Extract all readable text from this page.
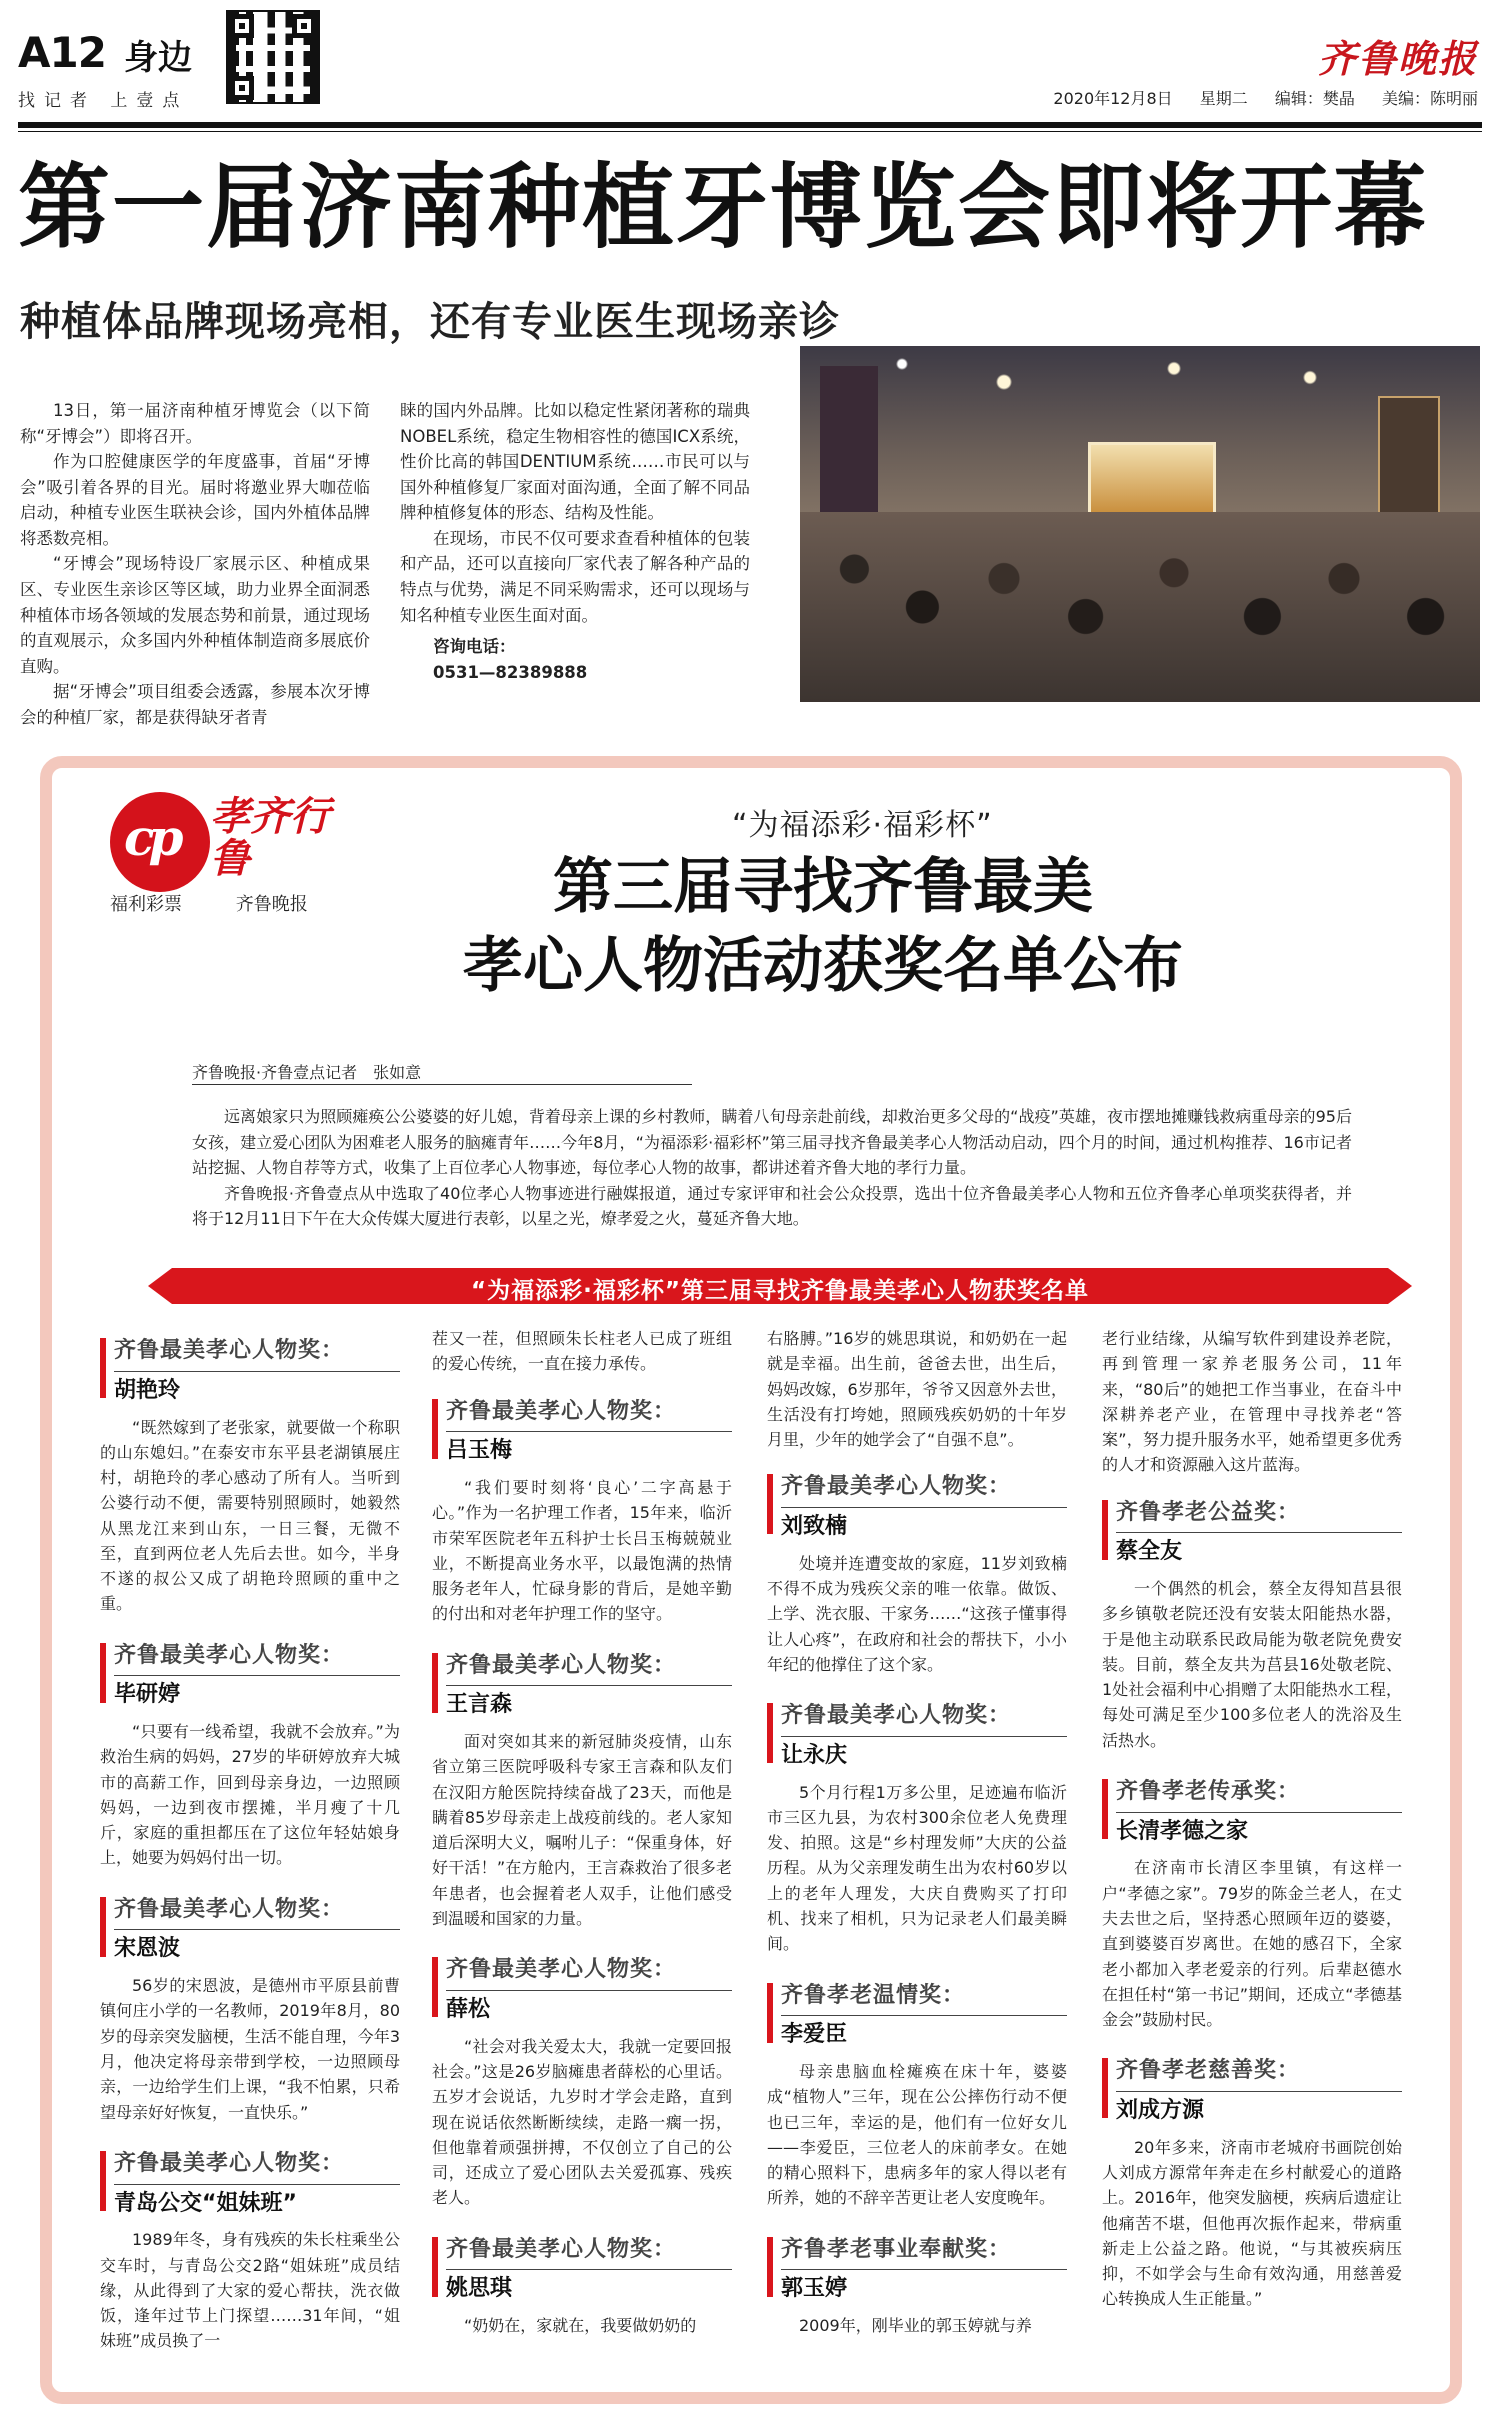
A12 身边
找记者 上壹点
齐鲁晚报
2020年12月8日 星期二 编辑：樊晶 美编：陈明丽
第一届济南种植牙博览会即将开幕
种植体品牌现场亮相，还有专业医生现场亲诊

13日，第一届济南种植牙博览会（以下简称“牙博会”）即将召开。

作为口腔健康医学的年度盛事，首届“牙博会”吸引着各界的目光。届时将邀业界大咖莅临启动，种植专业医生联袂会诊，国内外植体品牌将悉数亮相。

“牙博会”现场特设厂家展示区、种植成果区、专业医生亲诊区等区域，助力业界全面洞悉种植体市场各领域的发展态势和前景，通过现场的直观展示，众多国内外种植体制造商多展底价直购。

据“牙博会”项目组委会透露，参展本次牙博会的种植厂家，都是获得缺牙者青

睐的国内外品牌。比如以稳定性紧闭著称的瑞典NOBEL系统，稳定生物相容性的德国ICX系统，性价比高的韩国DENTIUM系统……市民可以与国外种植修复厂家面对面沟通，全面了解不同品牌种植修复体的形态、结构及性能。

在现场，市民不仅可要求查看种植体的包装和产品，还可以直接向厂家代表了解各种产品的特点与优势，满足不同采购需求，还可以现场与知名种植专业医生面对面。

咨询电话：
0531—82389888
cp 孝齐行鲁
福利彩票	齐鲁晚报
“为福添彩·福彩杯”
第三届寻找齐鲁最美
孝心人物活动获奖名单公布
齐鲁晚报·齐鲁壹点记者　张如意

远离娘家只为照顾瘫痪公公婆婆的好儿媳，背着母亲上课的乡村教师，瞒着八旬母亲赴前线，却救治更多父母的“战疫”英雄，夜市摆地摊赚钱救病重母亲的95后女孩，建立爱心团队为困难老人服务的脑瘫青年……今年8月，“为福添彩·福彩杯”第三届寻找齐鲁最美孝心人物活动启动，四个月的时间，通过机构推荐、16市记者站挖掘、人物自荐等方式，收集了上百位孝心人物事迹，每位孝心人物的故事，都讲述着齐鲁大地的孝行力量。

齐鲁晚报·齐鲁壹点从中选取了40位孝心人物事迹进行融媒报道，通过专家评审和社会公众投票，选出十位齐鲁最美孝心人物和五位齐鲁孝心单项奖获得者，并将于12月11日下午在大众传媒大厦进行表彰，以星之光，燎孝爱之火，蔓延齐鲁大地。

“为福添彩·福彩杯”第三届寻找齐鲁最美孝心人物获奖名单
齐鲁最美孝心人物奖：
胡艳玲

“既然嫁到了老张家，就要做一个称职的山东媳妇。”在泰安市东平县老湖镇展庄村，胡艳玲的孝心感动了所有人。当听到公婆行动不便，需要特别照顾时，她毅然从黑龙江来到山东，一日三餐，无微不至，直到两位老人先后去世。如今，半身不遂的叔公又成了胡艳玲照顾的重中之重。

齐鲁最美孝心人物奖：
毕研婷

“只要有一线希望，我就不会放弃。”为救治生病的妈妈，27岁的毕研婷放弃大城市的高薪工作，回到母亲身边，一边照顾妈妈，一边到夜市摆摊，半月瘦了十几斤，家庭的重担都压在了这位年轻姑娘身上，她要为妈妈付出一切。

齐鲁最美孝心人物奖：
宋恩波

56岁的宋恩波，是德州市平原县前曹镇何庄小学的一名教师，2019年8月，80岁的母亲突发脑梗，生活不能自理，今年3月，他决定将母亲带到学校，一边照顾母亲，一边给学生们上课，“我不怕累，只希望母亲好好恢复，一直快乐。”

齐鲁最美孝心人物奖：
青岛公交“姐妹班”

1989年冬，身有残疾的朱长柱乘坐公交车时，与青岛公交2路“姐妹班”成员结缘，从此得到了大家的爱心帮扶，洗衣做饭，逢年过节上门探望……31年间，“姐妹班”成员换了一

茬又一茬，但照顾朱长柱老人已成了班组的爱心传统，一直在接力承传。

齐鲁最美孝心人物奖：
吕玉梅

“我们要时刻将‘良心’二字高悬于心。”作为一名护理工作者，15年来，临沂市荣军医院老年五科护士长吕玉梅兢兢业业，不断提高业务水平，以最饱满的热情服务老年人，忙碌身影的背后，是她辛勤的付出和对老年护理工作的坚守。

齐鲁最美孝心人物奖：
王言森

面对突如其来的新冠肺炎疫情，山东省立第三医院呼吸科专家王言森和队友们在汉阳方舱医院持续奋战了23天，而他是瞒着85岁母亲走上战疫前线的。老人家知道后深明大义，嘱咐儿子：“保重身体，好好干活！”在方舱内，王言森救治了很多老年患者，也会握着老人双手，让他们感受到温暖和国家的力量。

齐鲁最美孝心人物奖：
薛松

“社会对我关爱太大，我就一定要回报社会。”这是26岁脑瘫患者薛松的心里话。五岁才会说话，九岁时才学会走路，直到现在说话依然断断续续，走路一瘸一拐，但他靠着顽强拼搏，不仅创立了自己的公司，还成立了爱心团队去关爱孤寡、残疾老人。

齐鲁最美孝心人物奖：
姚思琪

“奶奶在，家就在，我要做奶奶的

右胳膊。”16岁的姚思琪说，和奶奶在一起就是幸福。出生前，爸爸去世，出生后，妈妈改嫁，6岁那年，爷爷又因意外去世，生活没有打垮她，照顾残疾奶奶的十年岁月里，少年的她学会了“自强不息”。

齐鲁最美孝心人物奖：
刘致楠

处境并连遭变故的家庭，11岁刘致楠不得不成为残疾父亲的唯一依靠。做饭、上学、洗衣服、干家务……“这孩子懂事得让人心疼”，在政府和社会的帮扶下，小小年纪的他撑住了这个家。

齐鲁最美孝心人物奖：
让永庆

5个月行程1万多公里，足迹遍布临沂市三区九县，为农村300余位老人免费理发、拍照。这是“乡村理发师”大庆的公益历程。从为父亲理发萌生出为农村60岁以上的老年人理发，大庆自费购买了打印机、找来了相机，只为记录老人们最美瞬间。

齐鲁孝老温情奖：
李爱臣

母亲患脑血栓瘫痪在床十年，婆婆成“植物人”三年，现在公公摔伤行动不便也已三年，幸运的是，他们有一位好女儿——李爱臣，三位老人的床前孝女。在她的精心照料下，患病多年的家人得以老有所养，她的不辞辛苦更让老人安度晚年。

齐鲁孝老事业奉献奖：
郭玉婷

2009年，刚毕业的郭玉婷就与养

老行业结缘，从编写软件到建设养老院，再到管理一家养老服务公司，11年来，“80后”的她把工作当事业，在奋斗中深耕养老产业，在管理中寻找养老“答案”，努力提升服务水平，她希望更多优秀的人才和资源融入这片蓝海。

齐鲁孝老公益奖：
蔡全友

一个偶然的机会，蔡全友得知莒县很多乡镇敬老院还没有安装太阳能热水器，于是他主动联系民政局能为敬老院免费安装。目前，蔡全友共为莒县16处敬老院、1处社会福利中心捐赠了太阳能热水工程，每处可满足至少100多位老人的洗浴及生活热水。

齐鲁孝老传承奖：
长清孝德之家

在济南市长清区李里镇，有这样一户“孝德之家”。79岁的陈金兰老人，在丈夫去世之后，坚持悉心照顾年迈的婆婆，直到婆婆百岁离世。在她的感召下，全家老小都加入孝老爱亲的行列。后辈赵德水在担任村“第一书记”期间，还成立“孝德基金会”鼓励村民。

齐鲁孝老慈善奖：
刘成方源

20年多来，济南市老城府书画院创始人刘成方源常年奔走在乡村献爱心的道路上。2016年，他突发脑梗，疾病后遗症让他痛苦不堪，但他再次振作起来，带病重新走上公益之路。他说，“与其被疾病压抑，不如学会与生命有效沟通，用慈善爱心转换成人生正能量。”
